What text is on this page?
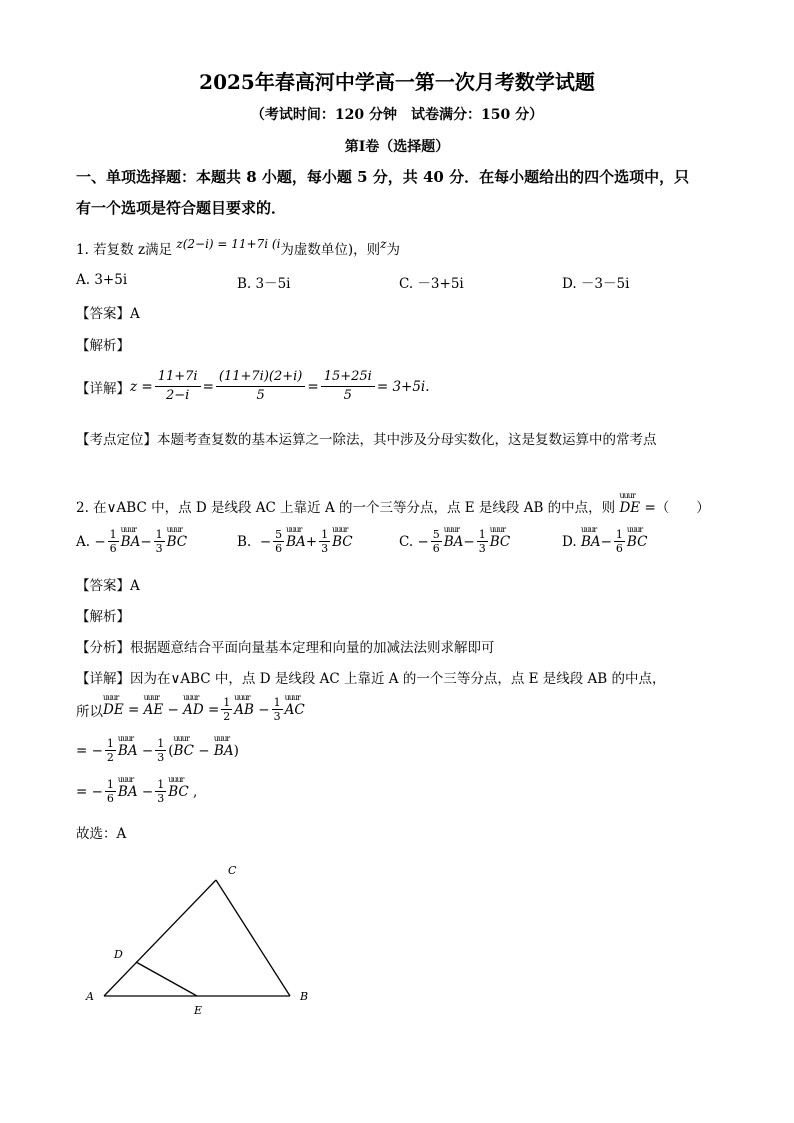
2025年春高河中学高一第一次月考数学试题
（考试时间：120 分钟　试卷满分：150 分）
第Ⅰ卷（选择题）
一、单项选择题：本题共 8 小题，每小题 5 分，共 40 分．在每小题给出的四个选项中，只
有一个选项是符合题目要求的．
1. 若复数 z满足 z(2−i) = 11+7i (i为虚数单位)，则z为
A. 3+5i	B. 3－5i	C. －3+5i	D. －3－5i
【答案】A
【解析】
【详解】 $z = \frac{11+7i}{2-i} = \frac{(11+7i)(2+i)}{5} = \frac{15+25i}{5} = 3+5i$.
【考点定位】本题考查复数的基本运算之一除法，其中涉及分母实数化，这是复数运算中的常考点
2. 在∨ABC 中，点 D 是线段 AC 上靠近 A 的一个三等分点，点 E 是线段 AB 的中点，则 uuur DE =（　　）
A.
− $\frac{1}{6}$ uuur BA − $\frac{1}{3}$ uuur BC	B.
− $\frac{5}{6}$ uuur BA + $\frac{1}{3}$ uuur BC	C.
− $\frac{5}{6}$ uuur BA − $\frac{1}{3}$ uuur BC	D.
uuur BA − $\frac{1}{6}$ uuur BC
【答案】A
【解析】
【分析】根据题意结合平面向量基本定理和向量的加减法法则求解即可
【详解】因为在∨ABC 中，点 D 是线段 AC 上靠近 A 的一个三等分点，点 E 是线段 AB 的中点，
所以 uuur DE = uuur AE − uuur AD = $\frac{1}{2}$ uuur AB − $\frac{1}{3}$ uuur AC
= − $\frac{1}{2}$ uuur BA − $\frac{1}{3}$ ( uuur BC − uuur BA )
= − $\frac{1}{6}$ uuur BA − $\frac{1}{3}$ uuur BC ,
故选：A
A	B
C
D
E
